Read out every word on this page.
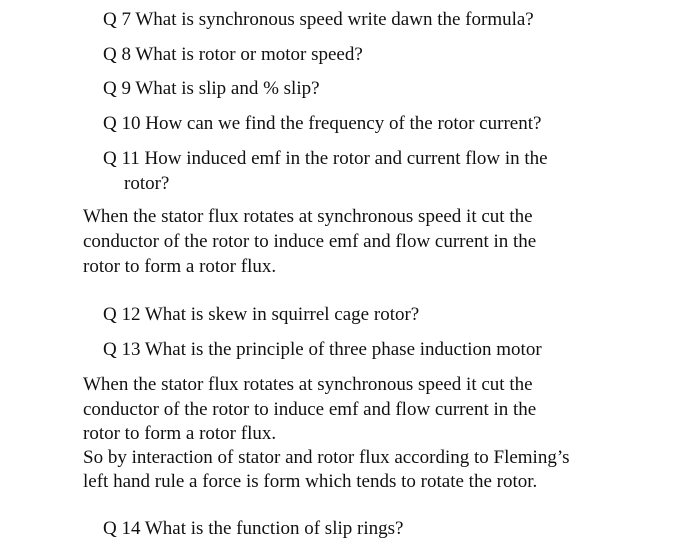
Q 7 What is synchronous speed write dawn the formula?
Q 8 What is rotor or motor speed?
Q 9 What is slip and % slip?
Q 10 How can we find the frequency of the rotor current?
Q 11 How induced emf in the rotor and current flow in the
rotor?
When the stator flux rotates at synchronous speed it cut the
conductor of the rotor to induce emf and flow current in the
rotor to form a rotor flux.
Q 12 What is skew in squirrel cage rotor?
Q 13 What is the principle of three phase induction motor
When the stator flux rotates at synchronous speed it cut the
conductor of the rotor to induce emf and flow current in the
rotor to form a rotor flux.
So by interaction of stator and rotor flux according to Fleming’s
left hand rule a force is form which tends to rotate the rotor.
Q 14 What is the function of slip rings?
